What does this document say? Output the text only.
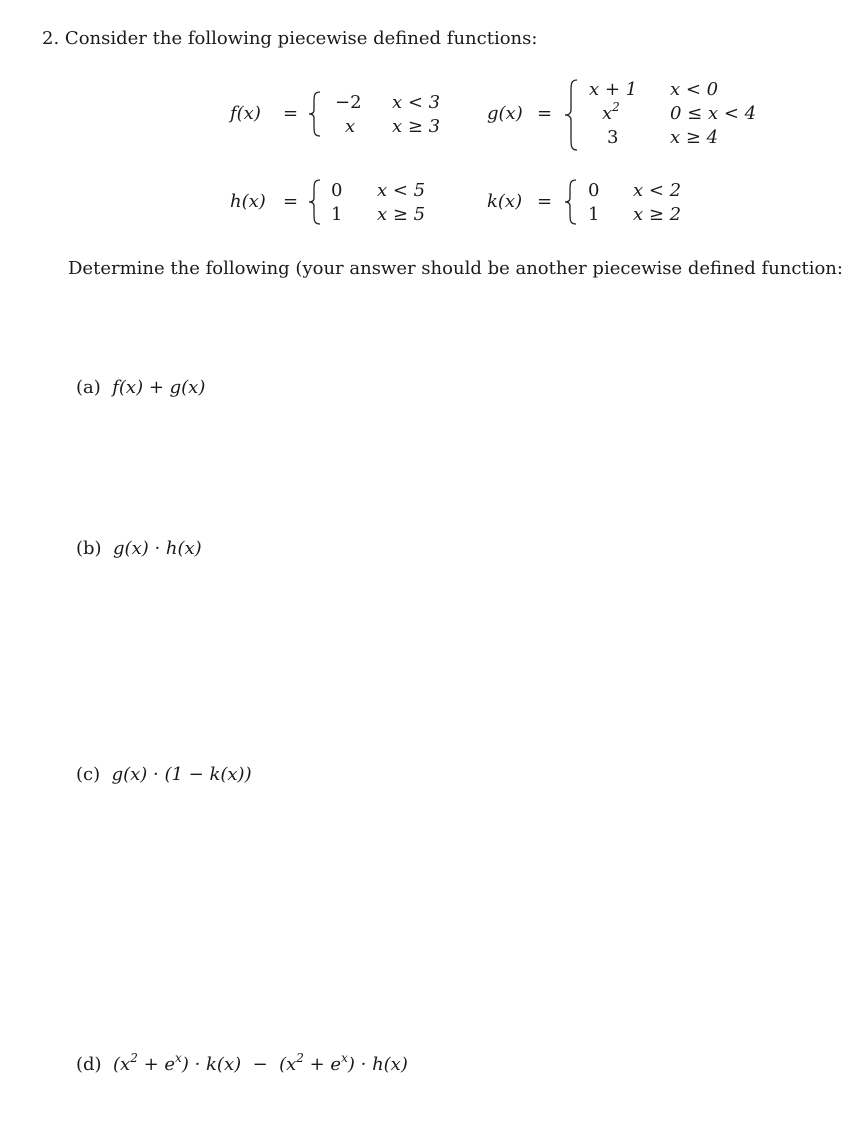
2. Consider the following piecewise defined functions:
f(x) =
−2
x
x < 3
x ≥ 3
g(x) =
x + 1
$x^2$
3
x < 0
0 ≤ x < 4
x ≥ 4
h(x) =
0
1
x < 5
x ≥ 5
k(x) =
0
1
x < 2
x ≥ 2
Determine the following (your answer should be another piecewise defined function:
(a) f(x) + g(x)
(b) g(x) · h(x)
(c) g(x) · (1 − k(x))
(d) $(x^2 + e^x) \cdot k(x) - (x^2 + e^x) \cdot h(x)$
